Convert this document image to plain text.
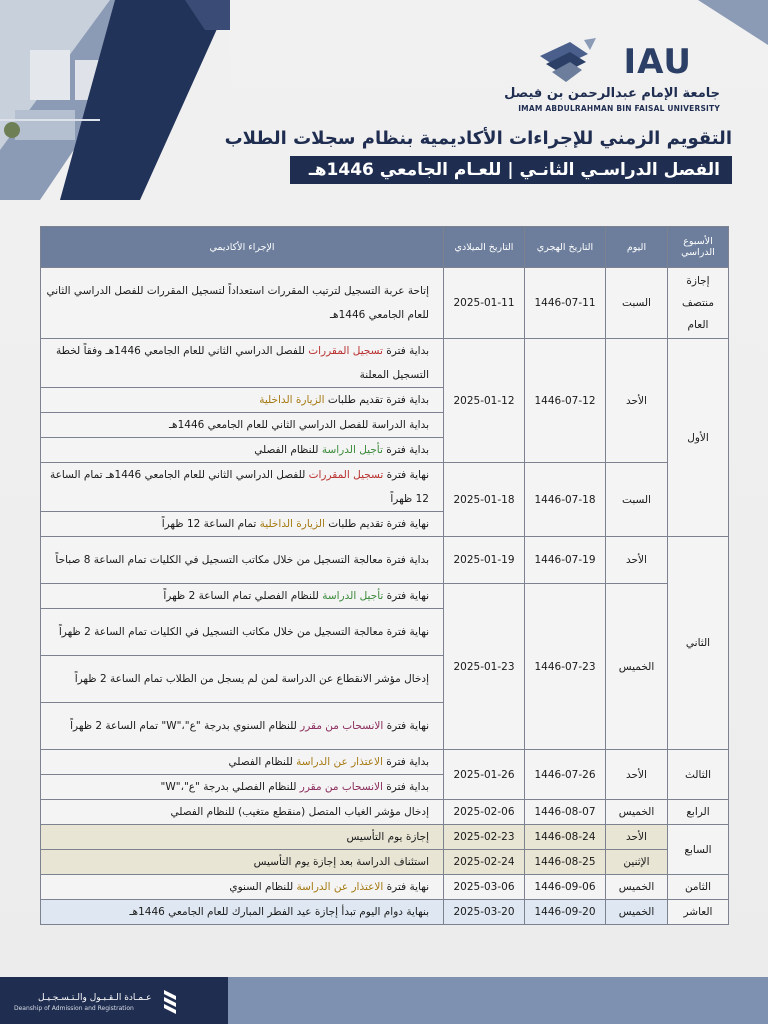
IAU
جامعة الإمام عبدالرحمن بن فيصل
IMAM ABDULRAHMAN BIN FAISAL UNIVERSITY
التقويم الزمني للإجراءات الأكاديمية بنظام سجلات الطلاب
الفصل الدراسـي الثانـي | للعـام الجامعي 1446هـ
الأسبوع الدراسي	اليوم	التاريخ الهجري	التاريخ الميلادي	الإجراء الأكاديمي
إجازة منتصف العام	السبت	1446-07-11	2025-01-11	إتاحة عربة التسجيل لترتيب المقررات استعداداً لتسجيل المقررات للفصل الدراسي الثاني للعام الجامعي 1446هـ
الأول	الأحد	1446-07-12	2025-01-12	بداية فترة تسجيل المقررات للفصل الدراسي الثاني للعام الجامعي 1446هـ وفقاً لخطة التسجيل المعلنة
				بداية فترة تقديم طلبات الزيارة الداخلية
				بداية الدراسة للفصل الدراسي الثاني للعام الجامعي 1446هـ
				بداية فترة تأجيل الدراسة للنظام الفصلي
	السبت	1446-07-18	2025-01-18	نهاية فترة تسجيل المقررات للفصل الدراسي الثاني للعام الجامعي 1446هـ تمام الساعة 12 ظهراً
				نهاية فترة تقديم طلبات الزيارة الداخلية تمام الساعة 12 ظهراً
الثاني	الأحد	1446-07-19	2025-01-19	بداية فترة معالجة التسجيل من خلال مكاتب التسجيل في الكليات تمام الساعة 8 صباحاً
	الخميس	1446-07-23	2025-01-23	نهاية فترة تأجيل الدراسة للنظام الفصلي تمام الساعة 2 ظهراً
				نهاية فترة معالجة التسجيل من خلال مكاتب التسجيل في الكليات تمام الساعة 2 ظهراً
				إدخال مؤشر الانقطاع عن الدراسة لمن لم يسجل من الطلاب تمام الساعة 2 ظهراً
				نهاية فترة الانسحاب من مقرر للنظام السنوي بدرجة "ع"،"W" تمام الساعة 2 ظهراً
الثالث	الأحد	1446-07-26	2025-01-26	بداية فترة الاعتذار عن الدراسة للنظام الفصلي
				بداية فترة الانسحاب من مقرر للنظام الفصلي بدرجة "ع"،"W"
الرابع	الخميس	1446-08-07	2025-02-06	إدخال مؤشر الغياب المتصل (منقطع متغيب) للنظام الفصلي
السابع	الأحد	1446-08-24	2025-02-23	إجازة يوم التأسيس
	الإثنين	1446-08-25	2025-02-24	استئناف الدراسة بعد إجازة يوم التأسيس
الثامن	الخميس	1446-09-06	2025-03-06	نهاية فترة الاعتذار عن الدراسة للنظام السنوي
العاشر	الخميس	1446-09-20	2025-03-20	بنهاية دوام اليوم تبدأ إجازة عيد الفطر المبارك للعام الجامعي 1446هـ
عـمـادة الـقـبـول والـتـسـجـيـل
Deanship of Admission and Registration
